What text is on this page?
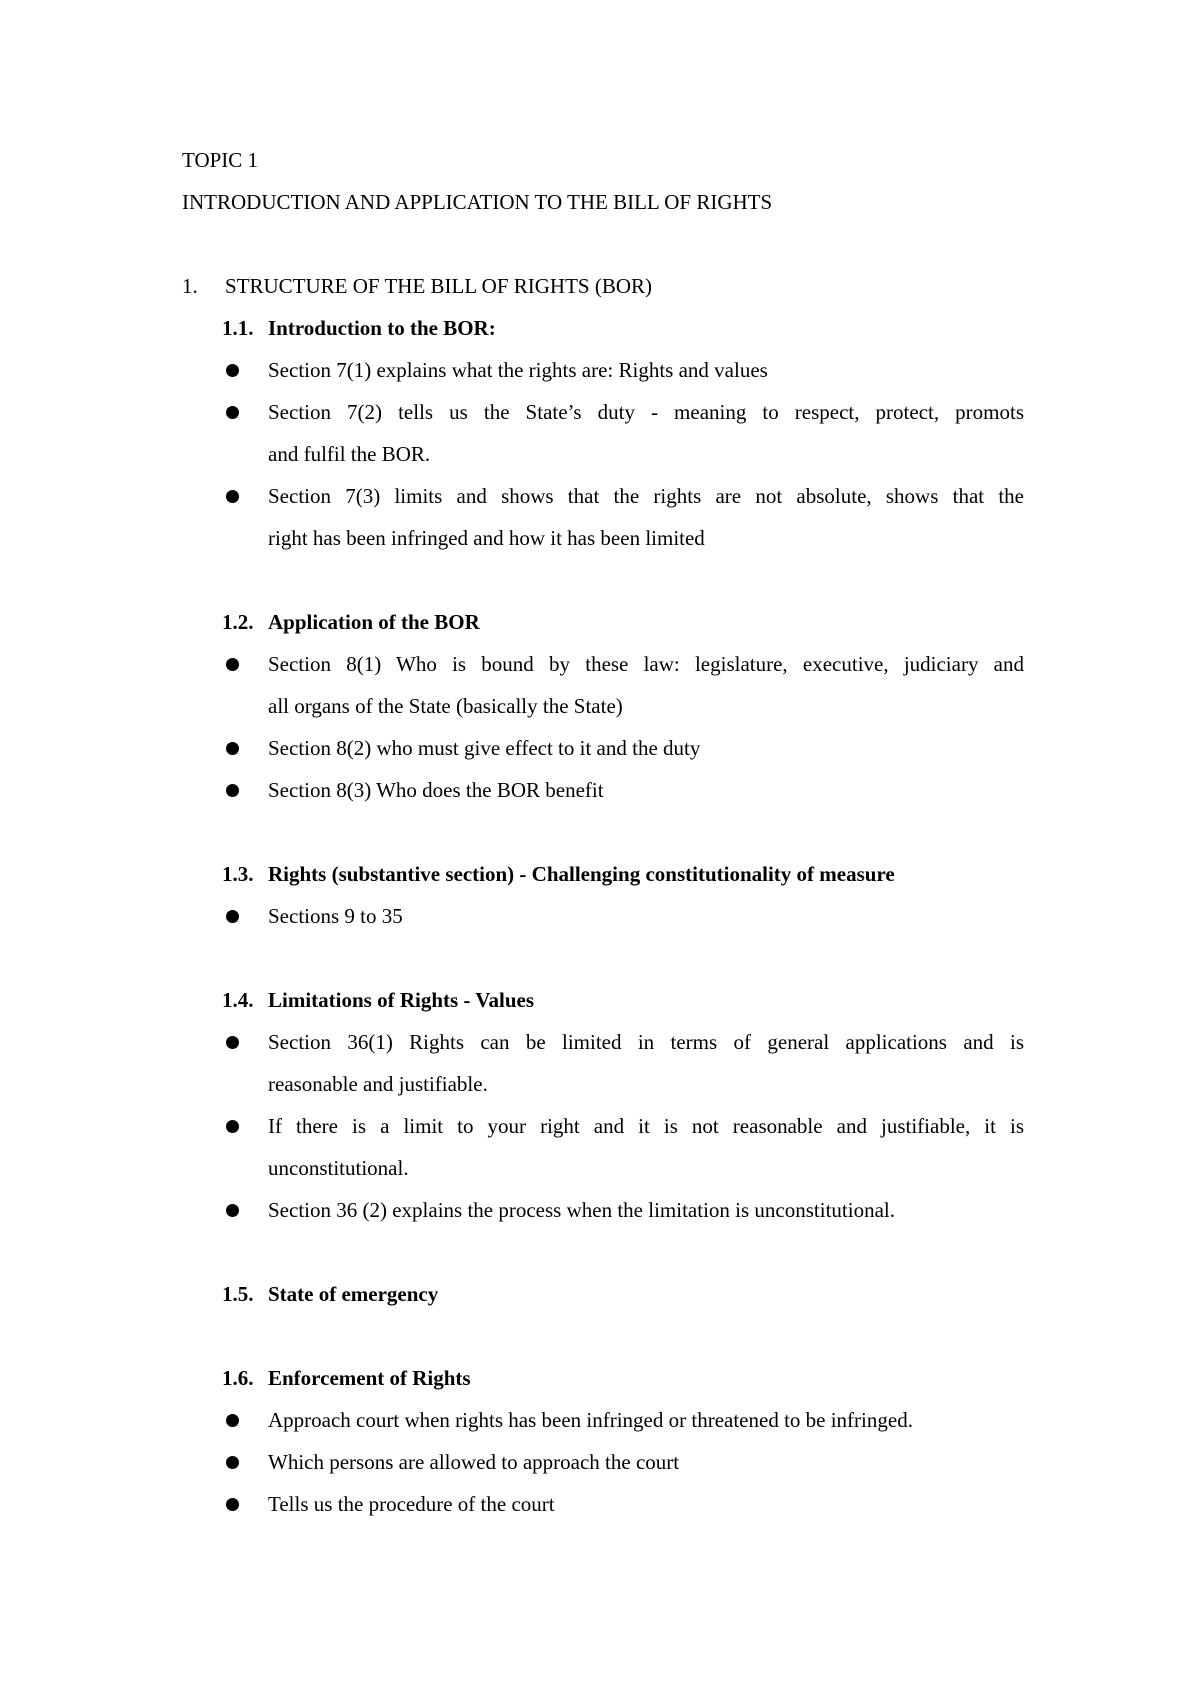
TOPIC 1
INTRODUCTION AND APPLICATION TO THE BILL OF RIGHTS
1. STRUCTURE OF THE BILL OF RIGHTS (BOR)
1.1. Introduction to the BOR:
Section 7(1) explains what the rights are: Rights and values
Section 7(2) tells us the State’s duty - meaning to respect, protect, promots
and fulfil the BOR.
Section 7(3) limits and shows that the rights are not absolute, shows that the
right has been infringed and how it has been limited
1.2. Application of the BOR
Section 8(1) Who is bound by these law: legislature, executive, judiciary and
all organs of the State (basically the State)
Section 8(2) who must give effect to it and the duty
Section 8(3) Who does the BOR benefit
1.3. Rights (substantive section) - Challenging constitutionality of measure
Sections 9 to 35
1.4. Limitations of Rights - Values
Section 36(1) Rights can be limited in terms of general applications and is
reasonable and justifiable.
If there is a limit to your right and it is not reasonable and justifiable, it is
unconstitutional.
Section 36 (2) explains the process when the limitation is unconstitutional.
1.5. State of emergency
1.6. Enforcement of Rights
Approach court when rights has been infringed or threatened to be infringed.
Which persons are allowed to approach the court
Tells us the procedure of the court
